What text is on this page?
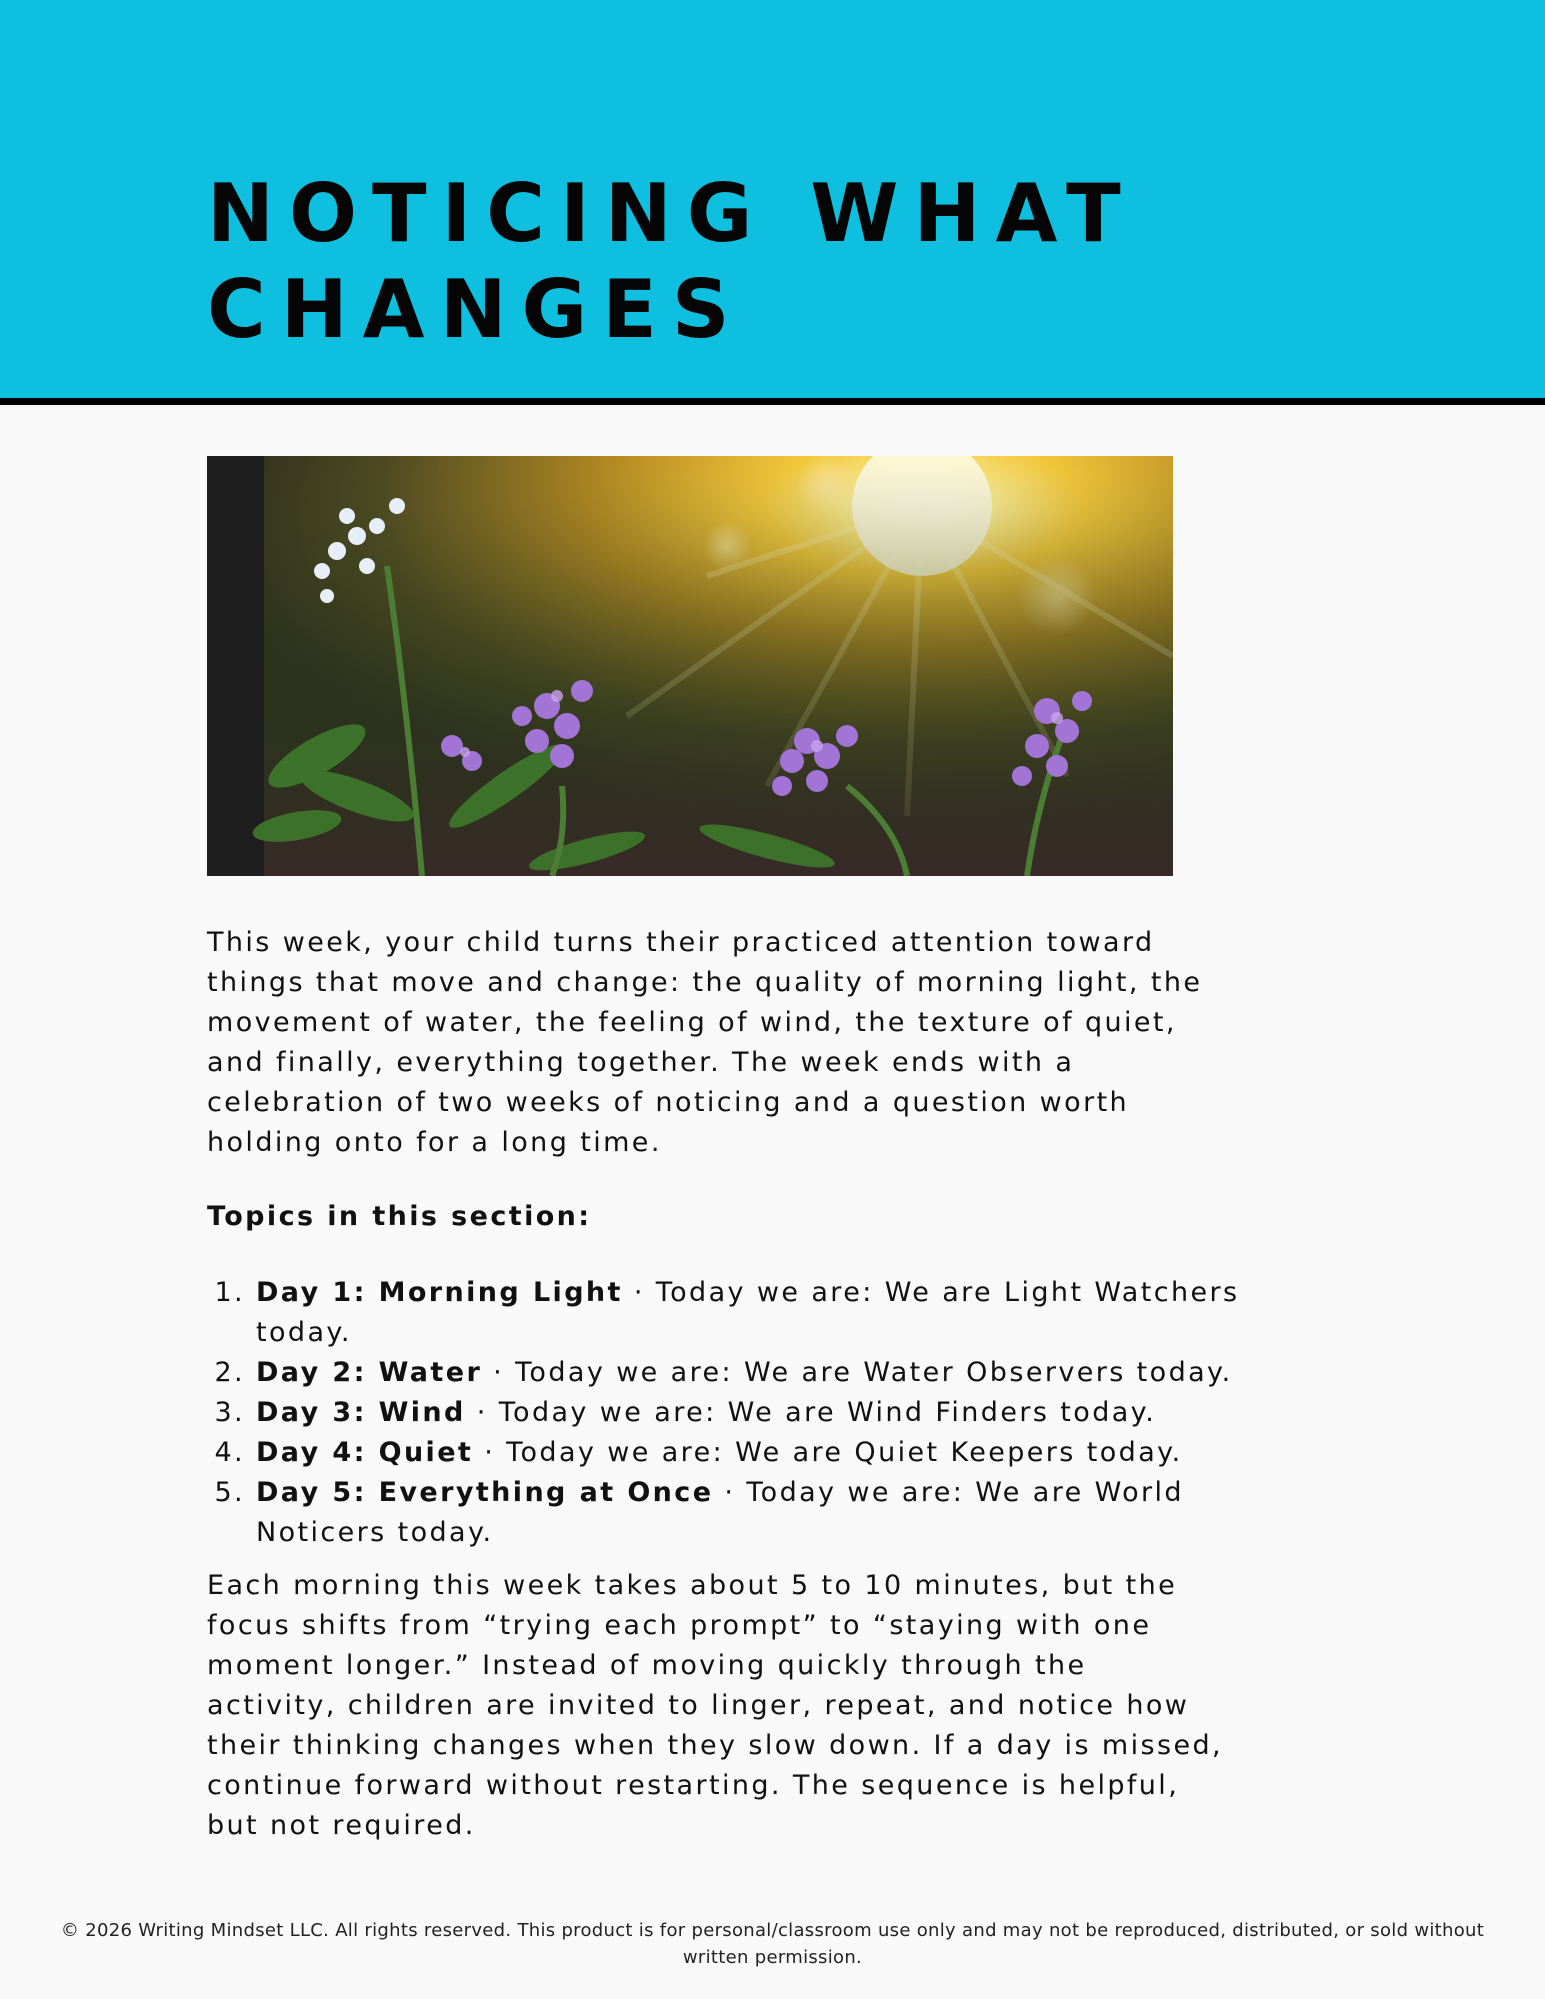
NOTICING WHAT CHANGES

This week, your child turns their practiced attention toward things that move and change: the quality of morning light, the movement of water, the feeling of wind, the texture of quiet, and finally, everything together. The week ends with a celebration of two weeks of noticing and a question worth holding onto for a long time.

Topics in this section:

1. Day 1: Morning Light · Today we are: We are Light Watchers today.
2. Day 2: Water · Today we are: We are Water Observers today.
3. Day 3: Wind · Today we are: We are Wind Finders today.
4. Day 4: Quiet · Today we are: We are Quiet Keepers today.
5. Day 5: Everything at Once · Today we are: We are World Noticers today.

Each morning this week takes about 5 to 10 minutes, but the focus shifts from “trying each prompt” to “staying with one moment longer.” Instead of moving quickly through the activity, children are invited to linger, repeat, and notice how their thinking changes when they slow down. If a day is missed, continue forward without restarting. The sequence is helpful, but not required.

© 2026 Writing Mindset LLC. All rights reserved. This product is for personal/classroom use only and may not be reproduced, distributed, or sold without written permission.
